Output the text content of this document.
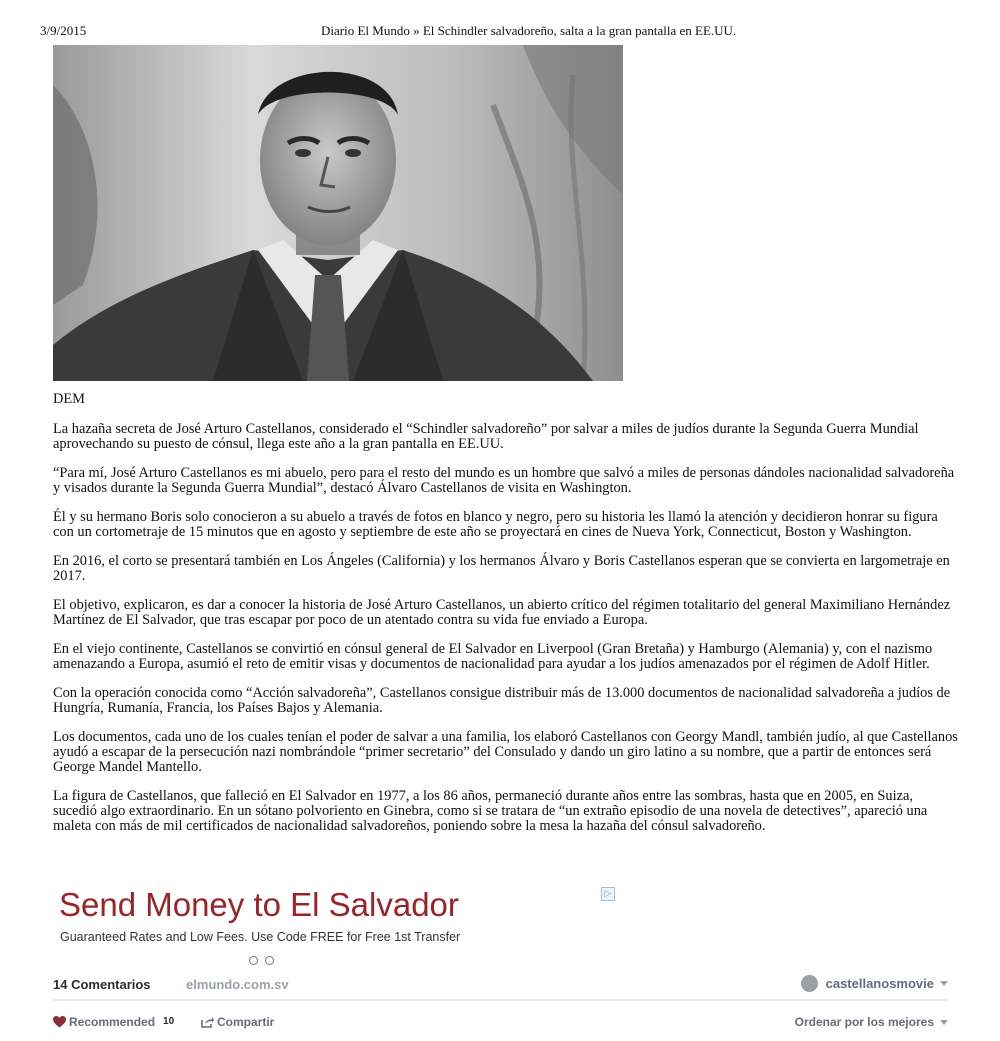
3/9/2015	Diario El Mundo » El Schindler salvadoreño, salta a la gran pantalla en EE.UU.

DEM

La hazaña secreta de José Arturo Castellanos, considerado el “Schindler salvadoreño” por salvar a miles de judíos durante la Segunda Guerra Mundial aprovechando su puesto de cónsul, llega este año a la gran pantalla en EE.UU.

“Para mí, José Arturo Castellanos es mi abuelo, pero para el resto del mundo es un hombre que salvó a miles de personas dándoles nacionalidad salvadoreña y visados durante la Segunda Guerra Mundial”, destacó Álvaro Castellanos de visita en Washington.

Él y su hermano Boris solo conocieron a su abuelo a través de fotos en blanco y negro, pero su historia les llamó la atención y decidieron honrar su figura con un cortometraje de 15 minutos que en agosto y septiembre de este año se proyectará en cines de Nueva York, Connecticut, Boston y Washington.

En 2016, el corto se presentará también en Los Ángeles (California) y los hermanos Álvaro y Boris Castellanos esperan que se convierta en largometraje en 2017.

El objetivo, explicaron, es dar a conocer la historia de José Arturo Castellanos, un abierto crítico del régimen totalitario del general Maximiliano Hernández Martínez de El Salvador, que tras escapar por poco de un atentado contra su vida fue enviado a Europa.

En el viejo continente, Castellanos se convirtió en cónsul general de El Salvador en Liverpool (Gran Bretaña) y Hamburgo (Alemania) y, con el nazismo amenazando a Europa, asumió el reto de emitir visas y documentos de nacionalidad para ayudar a los judíos amenazados por el régimen de Adolf Hitler.

Con la operación conocida como “Acción salvadoreña”, Castellanos consigue distribuir más de 13.000 documentos de nacionalidad salvadoreña a judíos de Hungría, Rumanía, Francia, los Países Bajos y Alemania.

Los documentos, cada uno de los cuales tenían el poder de salvar a una familia, los elaboró Castellanos con Georgy Mandl, también judío, al que Castellanos ayudó a escapar de la persecución nazi nombrándole “primer secretario” del Consulado y dando un giro latino a su nombre, que a partir de entonces será George Mandel Mantello.

La figura de Castellanos, que falleció en El Salvador en 1977, a los 86 años, permaneció durante años entre las sombras, hasta que en 2005, en Suiza, sucedió algo extraordinario. En un sótano polvoriento en Ginebra, como si se tratara de “un extraño episodio de una novela de detectives”, apareció una maleta con más de mil certificados de nacionalidad salvadoreños, poniendo sobre la mesa la hazaña del cónsul salvadoreño.

▷
Send Money to El Salvador
Guaranteed Rates and Low Fees. Use Code FREE for Free 1st Transfer
14 Comentarios	elmundo.com.sv	castellanosmovie
Recommended 10	Compartir	Ordenar por los mejores
